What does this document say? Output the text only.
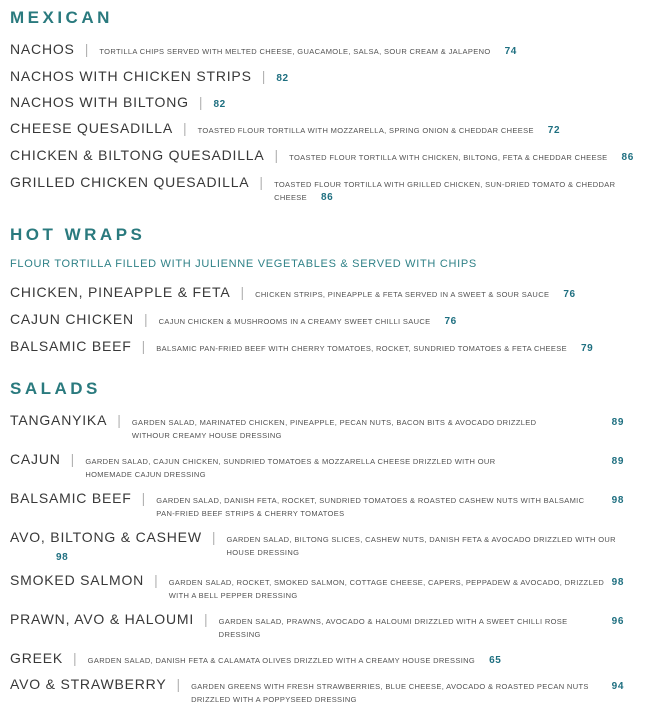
MEXICAN
NACHOS | TORTILLA CHIPS SERVED WITH MELTED CHEESE, GUACAMOLE, SALSA, SOUR CREAM & JALAPENO 74
NACHOS WITH CHICKEN STRIPS | 82
NACHOS WITH BILTONG | 82
CHEESE QUESADILLA | TOASTED FLOUR TORTILLA WITH MOZZARELLA, SPRING ONION & CHEDDAR CHEESE 72
CHICKEN & BILTONG QUESADILLA | TOASTED FLOUR TORTILLA WITH CHICKEN, BILTONG, FETA & CHEDDAR CHEESE 86
GRILLED CHICKEN QUESADILLA | TOASTED FLOUR TORTILLA WITH GRILLED CHICKEN, SUN-DRIED TOMATO & CHEDDAR CHEESE 86
HOT WRAPS

FLOUR TORTILLA FILLED WITH JULIENNE VEGETABLES & SERVED WITH CHIPS

CHICKEN, PINEAPPLE & FETA | CHICKEN STRIPS, PINEAPPLE & FETA SERVED IN A SWEET & SOUR SAUCE 76
CAJUN CHICKEN | CAJUN CHICKEN & MUSHROOMS IN A CREAMY SWEET CHILLI SAUCE 76
BALSAMIC BEEF | BALSAMIC PAN-FRIED BEEF WITH CHERRY TOMATOES, ROCKET, SUNDRIED TOMATOES & FETA CHEESE 79
SALADS
TANGANYIKA | GARDEN SALAD, MARINATED CHICKEN, PINEAPPLE, PECAN NUTS, BACON BITS & AVOCADO DRIZZLED WITHOUR CREAMY HOUSE DRESSING
89
CAJUN | GARDEN SALAD, CAJUN CHICKEN, SUNDRIED TOMATOES & MOZZARELLA CHEESE DRIZZLED WITH OUR HOMEMADE CAJUN DRESSING
89
BALSAMIC BEEF | GARDEN SALAD, DANISH FETA, ROCKET, SUNDRIED TOMATOES & ROASTED CASHEW NUTS WITH BALSAMIC PAN-FRIED BEEF STRIPS & CHERRY TOMATOES
98
AVO, BILTONG & CASHEW
98
| GARDEN SALAD, BILTONG SLICES, CASHEW NUTS, DANISH FETA & AVOCADO DRIZZLED WITH OUR HOUSE DRESSING
SMOKED SALMON | GARDEN SALAD, ROCKET, SMOKED SALMON, COTTAGE CHEESE, CAPERS, PEPPADEW & AVOCADO, DRIZZLED WITH A BELL PEPPER DRESSING
98
PRAWN, AVO & HALOUMI | GARDEN SALAD, PRAWNS, AVOCADO & HALOUMI DRIZZLED WITH A SWEET CHILLI ROSE DRESSING
96
GREEK | GARDEN SALAD, DANISH FETA & CALAMATA OLIVES DRIZZLED WITH A CREAMY HOUSE DRESSING 65
AVO & STRAWBERRY | GARDEN GREENS WITH FRESH STRAWBERRIES, BLUE CHEESE, AVOCADO & ROASTED PECAN NUTS DRIZZLED WITH A POPPYSEED DRESSING
94
